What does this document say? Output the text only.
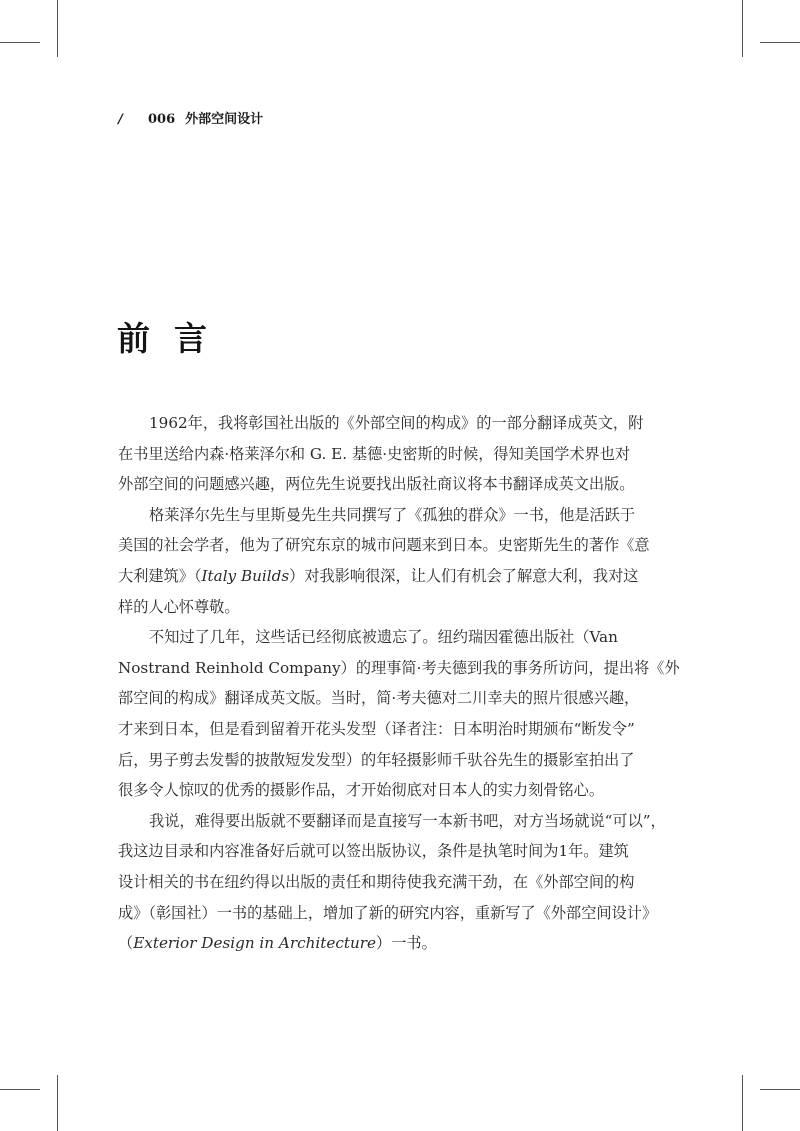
/ 006 外部空间设计
前言
1962年，我将彰国社出版的《外部空间的构成》的一部分翻译成英文，附
在书里送给内森·格莱泽尔和 G. E. 基德·史密斯的时候，得知美国学术界也对
外部空间的问题感兴趣，两位先生说要找出版社商议将本书翻译成英文出版。
格莱泽尔先生与里斯曼先生共同撰写了《孤独的群众》一书，他是活跃于
美国的社会学者，他为了研究东京的城市问题来到日本。史密斯先生的著作《意
大利建筑》（ Italy Builds ）对我影响很深，让人们有机会了解意大利，我对这
样的人心怀尊敬。
不知过了几年，这些话已经彻底被遗忘了。纽约瑞因霍德出版社（Van
Nostrand Reinhold Company）的理事简·考夫德到我的事务所访问，提出将《外
部空间的构成》翻译成英文版。当时，简·考夫德对二川幸夫的照片很感兴趣，
才来到日本，但是看到留着开花头发型（译者注：日本明治时期颁布“断发令”
后，男子剪去发髻的披散短发发型）的年轻摄影师千驮谷先生的摄影室拍出了
很多令人惊叹的优秀的摄影作品，才开始彻底对日本人的实力刻骨铭心。
我说，难得要出版就不要翻译而是直接写一本新书吧，对方当场就说“可以”，
我这边目录和内容准备好后就可以签出版协议，条件是执笔时间为1年。建筑
设计相关的书在纽约得以出版的责任和期待使我充满干劲，在《外部空间的构
成》（彰国社）一书的基础上，增加了新的研究内容，重新写了《外部空间设计》
（ Exterior Design in Architecture ）一书。
